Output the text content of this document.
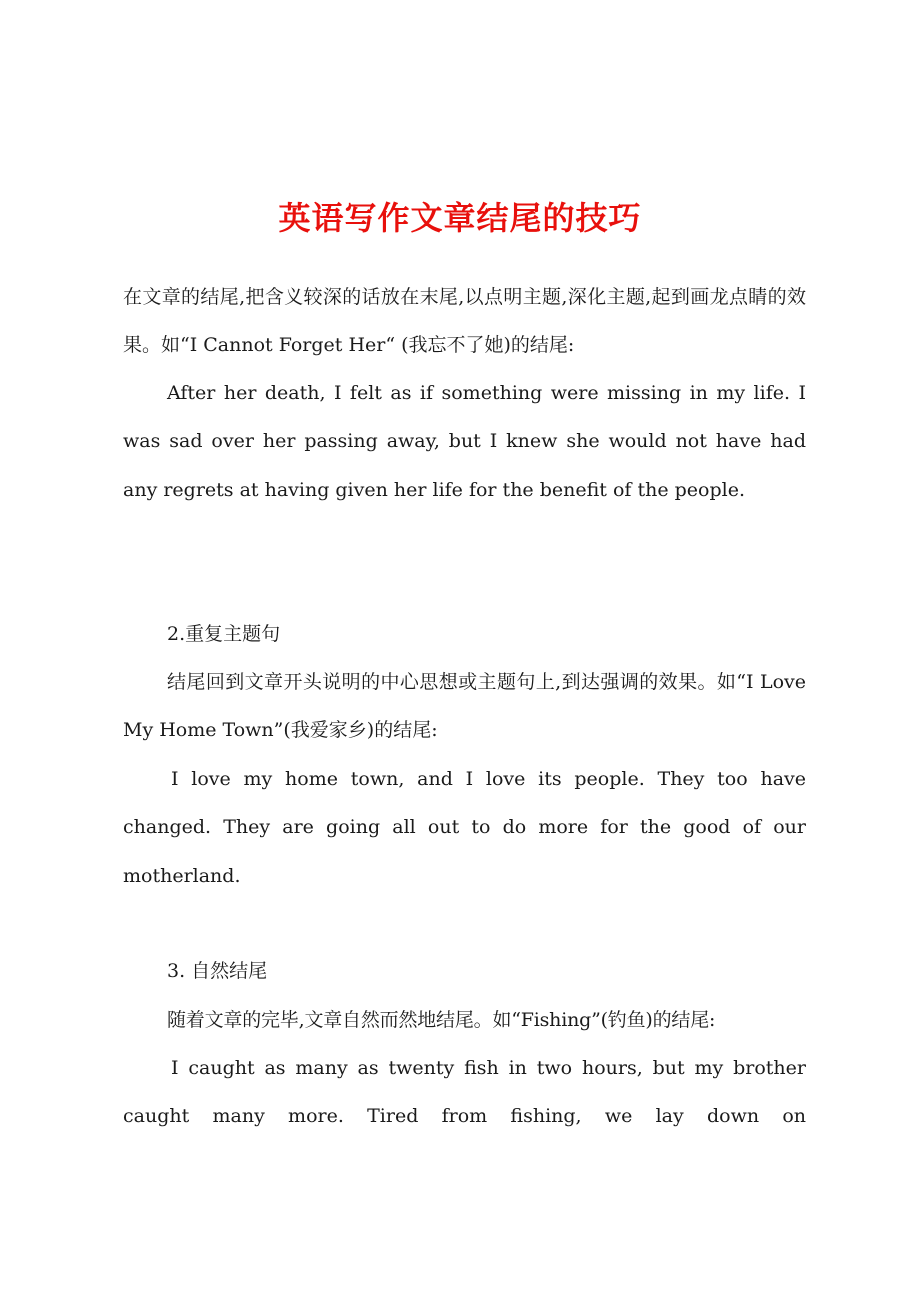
英语写作文章结尾的技巧

在文章的结尾,把含义较深的话放在末尾,以点明主题,深化主题,起到画龙点睛的效果。如“I Cannot Forget Her“ (我忘不了她)的结尾:

After her death, I felt as if something were missing in my life. I was sad over her passing away, but I knew she would not have had any regrets at having given her life for the benefit of the people.

2.重复主题句

结尾回到文章开头说明的中心思想或主题句上,到达强调的效果。如“I Love My Home Town”(我爱家乡)的结尾:

I love my home town, and I love its people. They too have changed. They are going all out to do more for the good of our motherland.

3. 自然结尾

随着文章的完毕,文章自然而然地结尾。如“Fishing”(钓鱼)的结尾:

I caught as many as twenty fish in two hours, but my brother caught many more. Tired from fishing, we lay down on
